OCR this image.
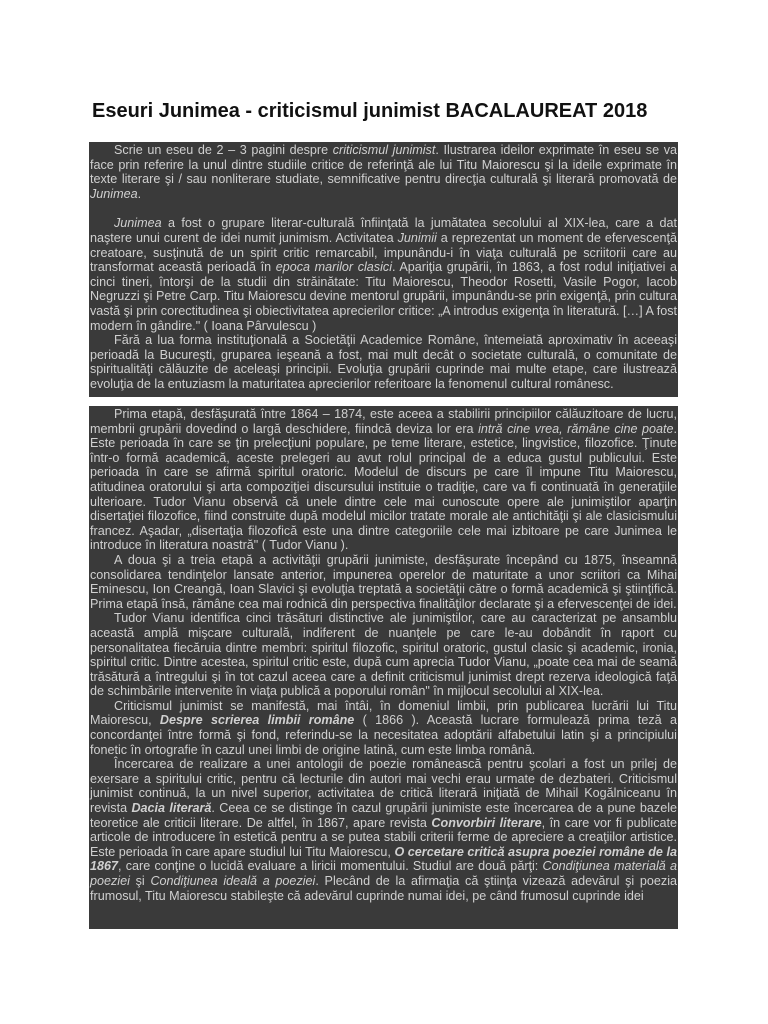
Eseuri Junimea - criticismul junimist BACALAUREAT 2018

Scrie un eseu de 2 – 3 pagini despre criticismul junimist. Ilustrarea ideilor exprimate în eseu se va face prin referire la unul dintre studiile critice de referinţă ale lui Titu Maiorescu şi la ideile exprimate în texte literare şi / sau nonliterare studiate, semnificative pentru direcţia culturală şi literară promovată de Junimea.

Junimea a fost o grupare literar-culturală înfiinţată la jumătatea secolului al XIX-lea, care a dat naştere unui curent de idei numit junimism. Activitatea Junimii a reprezentat un moment de efervescenţă creatoare, susţinută de un spirit critic remarcabil, impunându-i în viaţa culturală pe scriitorii care au transformat această perioadă în epoca marilor clasici. Apariţia grupării, în 1863, a fost rodul iniţiativei a cinci tineri, întorşi de la studii din străinătate: Titu Maiorescu, Theodor Rosetti, Vasile Pogor, Iacob Negruzzi şi Petre Carp. Titu Maiorescu devine mentorul grupării, impunându-se prin exigenţă, prin cultura vastă şi prin corectitudinea şi obiectivitatea aprecierilor critice: „A introdus exigenţa în literatură. […] A fost modern în gândire." ( Ioana Pârvulescu )

Fără a lua forma instituţională a Societăţii Academice Române, întemeiată aproximativ în aceeaşi perioadă la Bucureşti, gruparea ieşeană a fost, mai mult decât o societate culturală, o comunitate de spiritualităţi călăuzite de aceleaşi principii. Evoluţia grupării cuprinde mai multe etape, care ilustrează evoluţia de la entuziasm la maturitatea aprecierilor referitoare la fenomenul cultural românesc.

Prima etapă, desfăşurată între 1864 – 1874, este aceea a stabilirii principiilor călăuzitoare de lucru, membrii grupării dovedind o largă deschidere, fiindcă deviza lor era intră cine vrea, rămâne cine poate. Este perioada în care se ţin prelecţiuni populare, pe teme literare, estetice, lingvistice, filozofice. Ţinute într-o formă academică, aceste prelegeri au avut rolul principal de a educa gustul publicului. Este perioada în care se afirmă spiritul oratoric. Modelul de discurs pe care îl impune Titu Maiorescu, atitudinea oratorului şi arta compoziţiei discursului instituie o tradiţie, care va fi continuată în generaţiile ulterioare. Tudor Vianu observă că unele dintre cele mai cunoscute opere ale junimiştilor aparţin disertaţiei filozofice, fiind construite după modelul micilor tratate morale ale antichităţii şi ale clasicismului francez. Aşadar, „disertaţia filozofică este una dintre categoriile cele mai izbitoare pe care Junimea le introduce în literatura noastră" ( Tudor Vianu ).

A doua şi a treia etapă a activităţii grupării junimiste, desfăşurate începând cu 1875, înseamnă consolidarea tendinţelor lansate anterior, impunerea operelor de maturitate a unor scriitori ca Mihai Eminescu, Ion Creangă, Ioan Slavici şi evoluţia treptată a societăţii către o formă academică şi ştiinţifică. Prima etapă însă, rămâne cea mai rodnică din perspectiva finalităţilor declarate şi a efervescenţei de idei.

Tudor Vianu identifica cinci trăsături distinctive ale junimiştilor, care au caracterizat pe ansamblu această amplă mişcare culturală, indiferent de nuanţele pe care le-au dobândit în raport cu personalitatea fiecăruia dintre membri: spiritul filozofic, spiritul oratoric, gustul clasic şi academic, ironia, spiritul critic. Dintre acestea, spiritul critic este, după cum aprecia Tudor Vianu, „poate cea mai de seamă trăsătură a întregului şi în tot cazul aceea care a definit criticismul junimist drept rezerva ideologică faţă de schimbările intervenite în viaţa publică a poporului român" în mijlocul secolului al XIX-lea.

Criticismul junimist se manifestă, mai întâi, în domeniul limbii, prin publicarea lucrării lui Titu Maiorescu, Despre scrierea limbii române ( 1866 ). Această lucrare formulează prima teză a concordanţei între formă şi fond, referindu-se la necesitatea adoptării alfabetului latin şi a principiului fonetic în ortografie în cazul unei limbi de origine latină, cum este limba română.

Încercarea de realizare a unei antologii de poezie românească pentru şcolari a fost un prilej de exersare a spiritului critic, pentru că lecturile din autori mai vechi erau urmate de dezbateri. Criticismul junimist continuă, la un nivel superior, activitatea de critică literară iniţiată de Mihail Kogălniceanu în revista Dacia literară. Ceea ce se distinge în cazul grupării junimiste este încercarea de a pune bazele teoretice ale criticii literare. De altfel, în 1867, apare revista Convorbiri literare, în care vor fi publicate articole de introducere în estetică pentru a se putea stabili criterii ferme de apreciere a creaţiilor artistice. Este perioada în care apare studiul lui Titu Maiorescu, O cercetare critică asupra poeziei române de la 1867, care conţine o lucidă evaluare a liricii momentului. Studiul are două părţi: Condiţiunea materială a poeziei şi Condiţiunea ideală a poeziei. Plecând de la afirmaţia că ştiinţa vizează adevărul şi poezia frumosul, Titu Maiorescu stabileşte că adevărul cuprinde numai idei, pe când frumosul cuprinde idei
